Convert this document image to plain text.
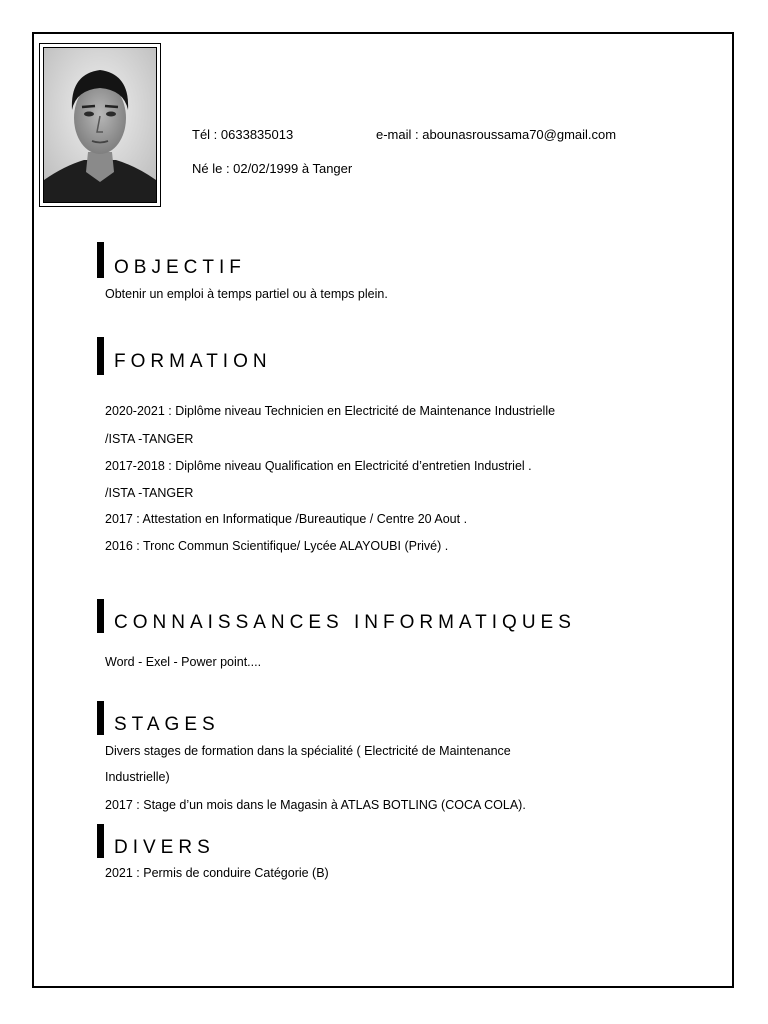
Tél : 0633835013	e-mail : abounasroussama70@gmail.com
Né le : 02/02/1999 à Tanger
OBJECTIF
Obtenir un emploi à temps partiel ou à temps plein.
FORMATION
2020-2021 : Diplôme niveau Technicien en Electricité de Maintenance Industrielle
/ISTA -TANGER
2017-2018 : Diplôme niveau Qualification en Electricité d’entretien Industriel .
/ISTA -TANGER
2017 : Attestation en Informatique /Bureautique / Centre 20 Aout .
2016 : Tronc Commun Scientifique/ Lycée ALAYOUBI (Privé) .
CONNAISSANCES INFORMATIQUES
Word - Exel - Power point....
STAGES
Divers stages de formation dans la spécialité ( Electricité de Maintenance
Industrielle)
2017 : Stage d’un mois dans le Magasin à ATLAS BOTLING (COCA COLA).
DIVERS
2021 : Permis de conduire Catégorie (B)
